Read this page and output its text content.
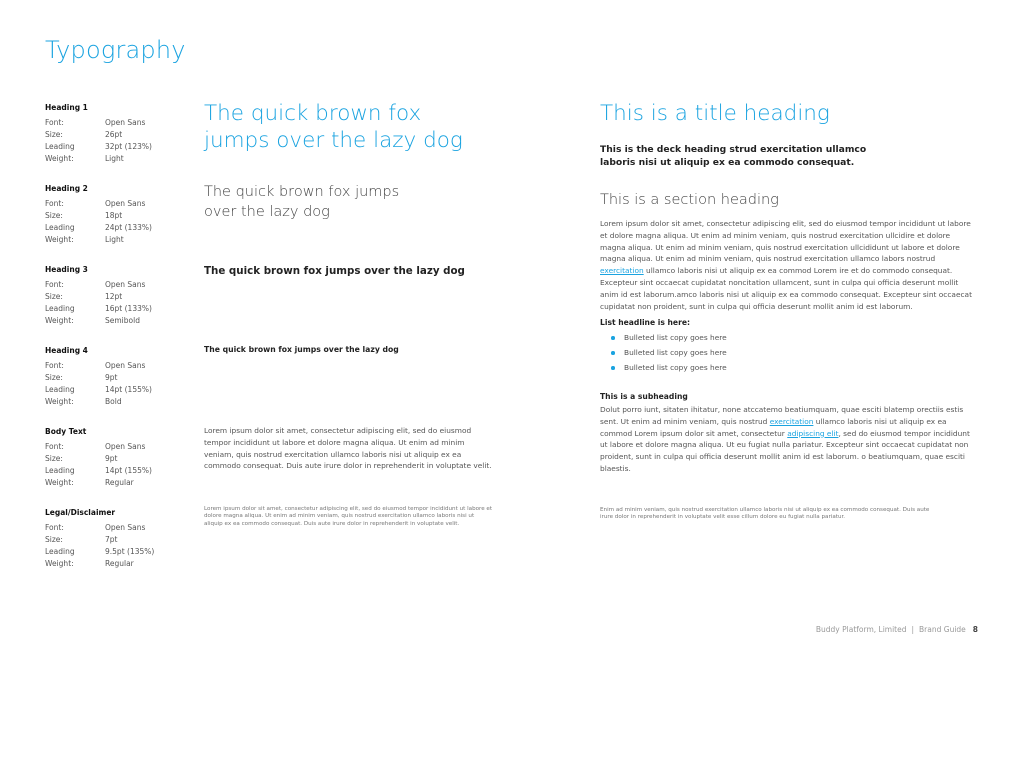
Typography
Heading 1
Font:	Open Sans
Size:	26pt
Leading	32pt (123%)
Weight:	Light
Heading 2
Font:	Open Sans
Size:	18pt
Leading	24pt (133%)
Weight:	Light
Heading 3
Font:	Open Sans
Size:	12pt
Leading	16pt (133%)
Weight:	Semibold
Heading 4
Font:	Open Sans
Size:	9pt
Leading	14pt (155%)
Weight:	Bold
Body Text
Font:	Open Sans
Size:	9pt
Leading	14pt (155%)
Weight:	Regular
Legal/Disclaimer
Font:	Open Sans
Size:	7pt
Leading	9.5pt (135%)
Weight:	Regular

The quick brown fox jumps over the lazy dog

The quick brown fox jumps over the lazy dog

The quick brown fox jumps over the lazy dog

The quick brown fox jumps over the lazy dog

Lorem ipsum dolor sit amet, consectetur adipiscing elit, sed do eiusmod tempor incididunt ut labore et dolore magna aliqua. Ut enim ad minim veniam, quis nostrud exercitation ullamco laboris nisi ut aliquip ex ea commodo consequat. Duis aute irure dolor in reprehenderit in voluptate velit.

Lorem ipsum dolor sit amet, consectetur adipiscing elit, sed do eiusmod tempor incididunt ut labore et dolore magna aliqua. Ut enim ad minim veniam, quis nostrud exercitation ullamco laboris nisi ut aliquip ex ea commodo consequat. Duis aute irure dolor in reprehenderit in voluptate velit.

This is a title heading

This is the deck heading strud exercitation ullamco laboris nisi ut aliquip ex ea commodo consequat.

This is a section heading

Lorem ipsum dolor sit amet, consectetur adipiscing elit, sed do eiusmod tempor incididunt ut labore et dolore magna aliqua. Ut enim ad minim veniam, quis nostrud exercitation ullcidire et dolore magna aliqua. Ut enim ad minim veniam, quis nostrud exercitation ullcididunt ut labore et dolore magna aliqua. Ut enim ad minim veniam, quis nostrud exercitation ullamco labors nostrud exercitation ullamco laboris nisi ut aliquip ex ea commod Lorem ire et do commodo consequat. Excepteur sint occaecat cupidatat noncitation ullamcent, sunt in culpa qui officia deserunt mollit anim id est laborum.amco laboris nisi ut aliquip ex ea commodo consequat. Excepteur sint occaecat cupidatat non proident, sunt in culpa qui officia deserunt mollit anim id est laborum.

List headline is here:

Bulleted list copy goes here
Bulleted list copy goes here
Bulleted list copy goes here

This is a subheading

Dolut porro iunt, sitaten ihitatur, none atccatemo beatiumquam, quae esciti blatemp orectiis estis sent. Ut enim ad minim veniam, quis nostrud exercitation ullamco laboris nisi ut aliquip ex ea commod Lorem ipsum dolor sit amet, consectetur adipiscing elit, sed do eiusmod tempor incididunt ut labore et dolore magna aliqua. Ut eu fugiat nulla pariatur. Excepteur sint occaecat cupidatat non proident, sunt in culpa qui officia deserunt mollit anim id est laborum. o beatiumquam, quae esciti blaestis.

Enim ad minim veniam, quis nostrud exercitation ullamco laboris nisi ut aliquip ex ea commodo consequat. Duis aute irure dolor in reprehenderit in voluptate velit esse cillum dolore eu fugiat nulla pariatur.

Buddy Platform, Limited | Brand Guide 8
